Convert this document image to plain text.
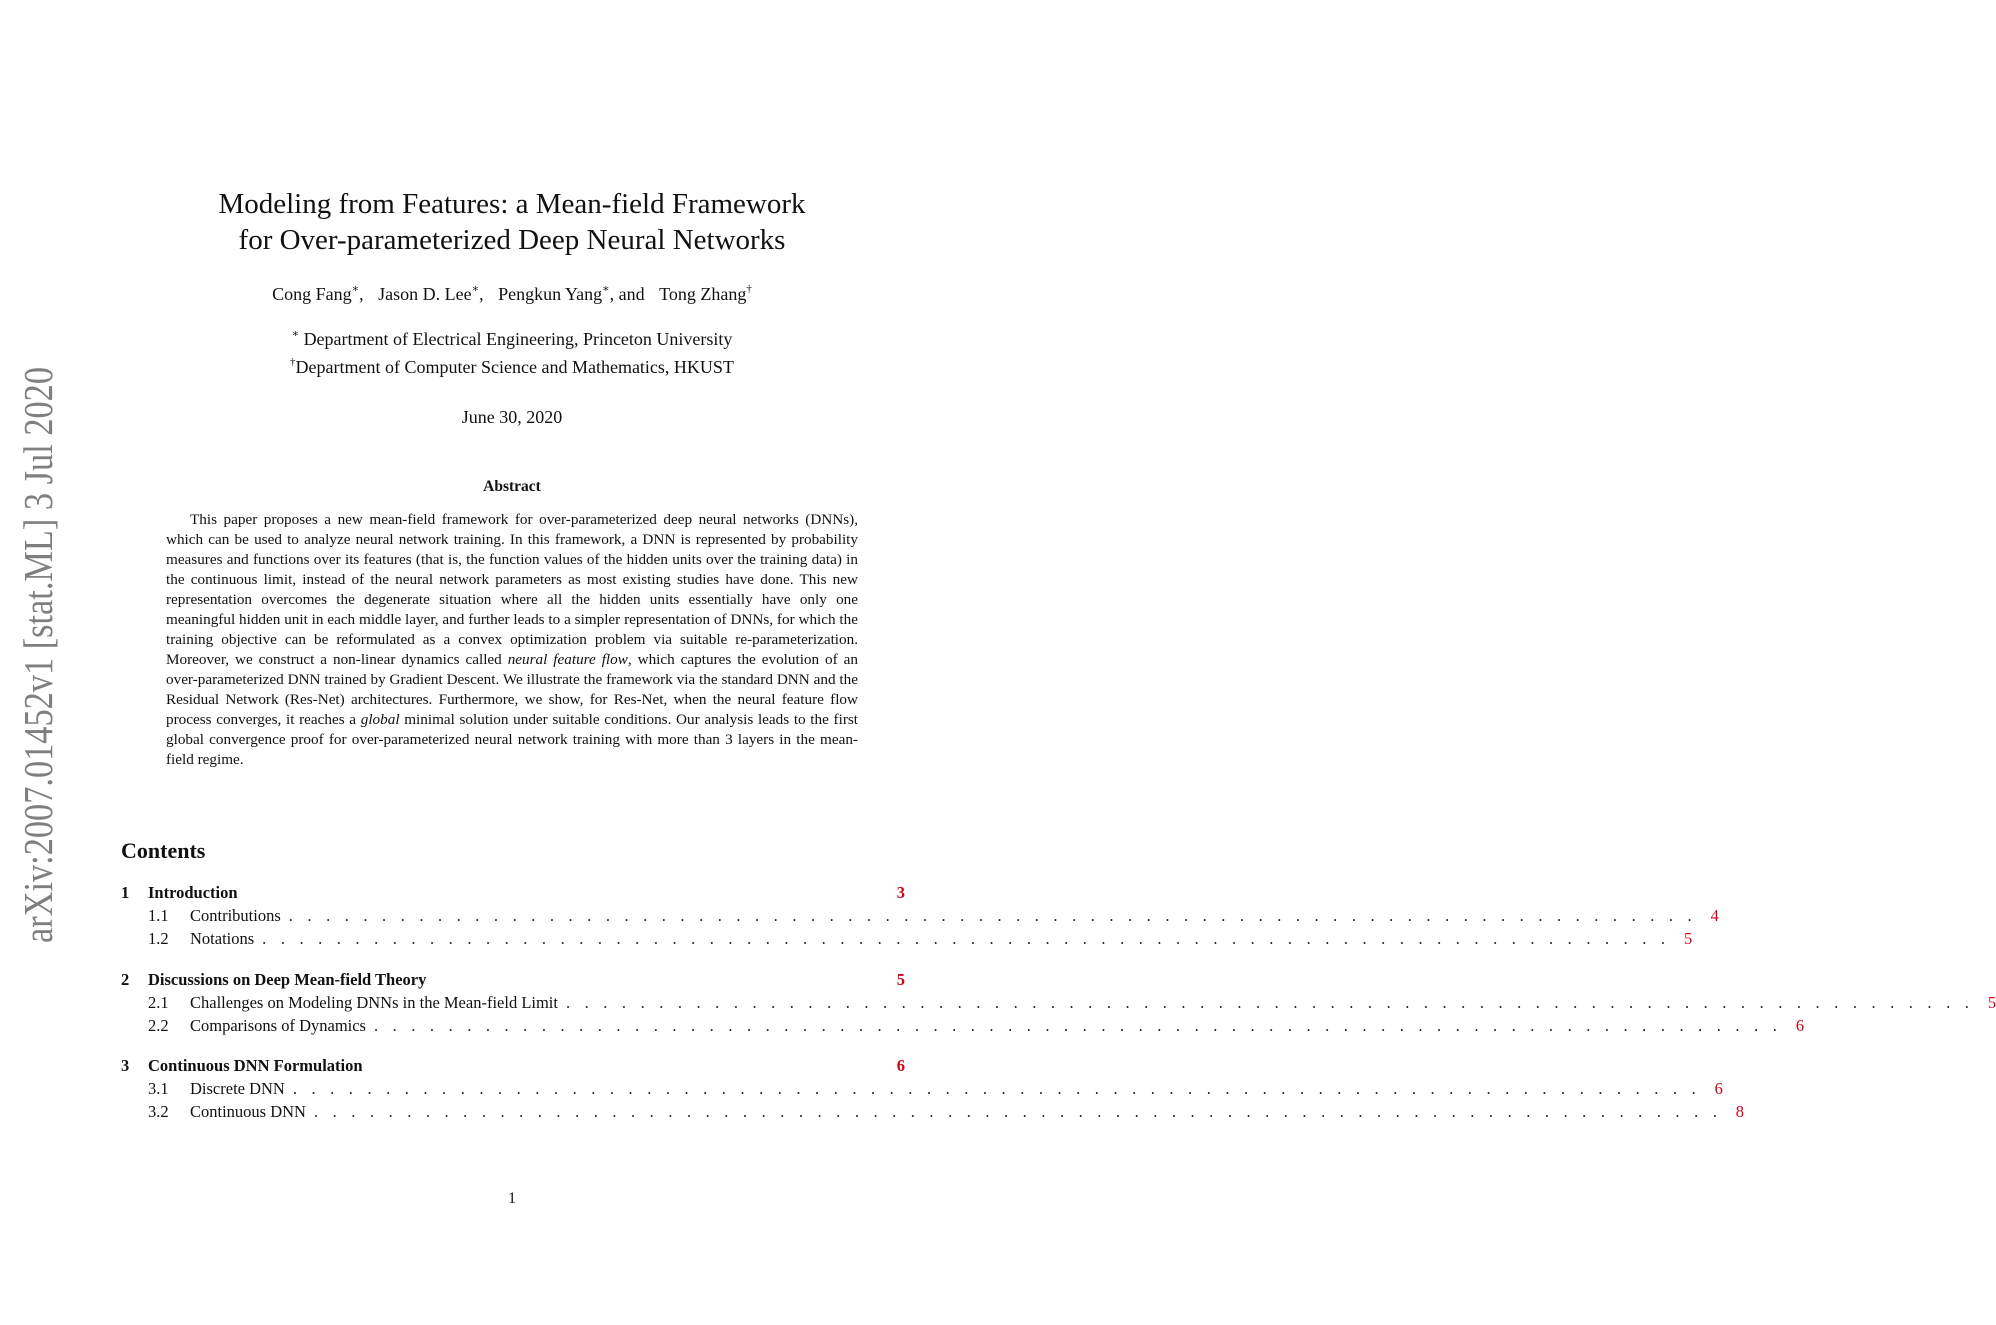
arXiv:2007.01452v1 [stat.ML] 3 Jul 2020
Modeling from Features: a Mean-field Framework
for Over-parameterized Deep Neural Networks
Cong Fang∗, Jason D. Lee∗, Pengkun Yang∗, and Tong Zhang†
∗ Department of Electrical Engineering, Princeton University
†Department of Computer Science and Mathematics, HKUST
June 30, 2020
Abstract
This paper proposes a new mean-field framework for over-parameterized deep neural networks (DNNs), which can be used to analyze neural network training. In this framework, a DNN is represented by probability measures and functions over its features (that is, the function values of the hidden units over the training data) in the continuous limit, instead of the neural network parameters as most existing studies have done. This new representation overcomes the degenerate situation where all the hidden units essentially have only one meaningful hidden unit in each middle layer, and further leads to a simpler representation of DNNs, for which the training objective can be reformulated as a convex optimization problem via suitable re-parameterization. Moreover, we construct a non-linear dynamics called neural feature flow, which captures the evolution of an over-parameterized DNN trained by Gradient Descent. We illustrate the framework via the standard DNN and the Residual Network (Res-Net) architectures. Furthermore, we show, for Res-Net, when the neural feature flow process converges, it reaches a global minimal solution under suitable conditions. Our analysis leads to the first global convergence proof for over-parameterized neural network training with more than 3 layers in the mean-field regime.
Contents
1	Introduction	3
1.1	Contributions . . . . . . . . . . . . . . . . . . . . . . . . . . . . . . . . . . . . . . . . . . . . . . . . . . . . . . . . . . . . . . . . . . . . . . . . . . . . 4
1.2	Notations . . . . . . . . . . . . . . . . . . . . . . . . . . . . . . . . . . . . . . . . . . . . . . . . . . . . . . . . . . . . . . . . . . . . . . . . . . . . 5
2	Discussions on Deep Mean-field Theory	5
2.1	Challenges on Modeling DNNs in the Mean-field Limit . . . . . . . . . . . . . . . . . . . . . . . . . . . . . . . . . . . . . . . . . . . . . . . . . . . . . . . . . . . . . . . . . . . . . . . . . . . . 5
2.2	Comparisons of Dynamics . . . . . . . . . . . . . . . . . . . . . . . . . . . . . . . . . . . . . . . . . . . . . . . . . . . . . . . . . . . . . . . . . . . . . . . . . . . . 6
3	Continuous DNN Formulation	6
3.1	Discrete DNN . . . . . . . . . . . . . . . . . . . . . . . . . . . . . . . . . . . . . . . . . . . . . . . . . . . . . . . . . . . . . . . . . . . . . . . . . . . . 6
3.2	Continuous DNN . . . . . . . . . . . . . . . . . . . . . . . . . . . . . . . . . . . . . . . . . . . . . . . . . . . . . . . . . . . . . . . . . . . . . . . . . . . . 8
1
